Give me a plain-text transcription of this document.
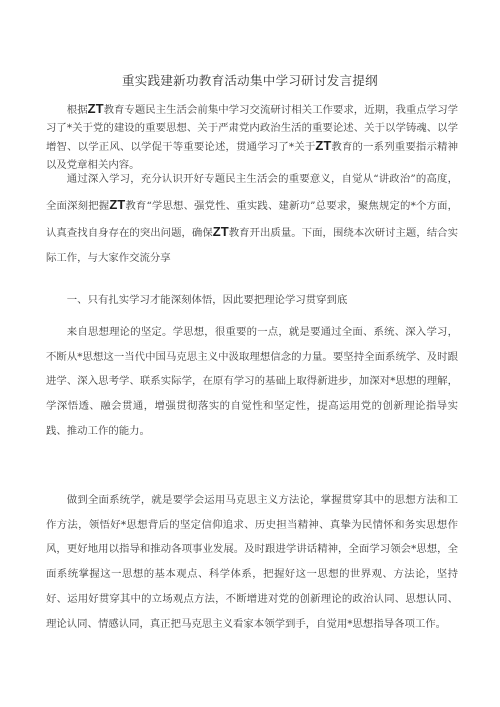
重实践建新功教育活动集中学习研讨发言提纲

根据ZT教育专题民主生活会前集中学习交流研讨相关工作要求，近期，我重点学习学习了*关于党的建设的重要思想、关于严肃党内政治生活的重要论述、关于以学铸魂、以学增智、以学正风、以学促干等重要论述，贯通学习了*关于ZT教育的一系列重要指示精神以及党章相关内容。

通过深入学习，充分认识开好专题民主生活会的重要意义，自觉从“讲政治”的高度，全面深刻把握ZT教育“学思想、强党性、重实践、建新功”总要求，聚焦规定的*个方面，认真查找自身存在的突出问题，确保ZT教育开出质量。下面，围绕本次研讨主题，结合实际工作，与大家作交流分享

一、只有扎实学习才能深刻体悟，因此要把理论学习贯穿到底

来自思想理论的坚定。学思想，很重要的一点，就是要通过全面、系统、深入学习，不断从*思想这一当代中国马克思主义中汲取理想信念的力量。要坚持全面系统学、及时跟进学、深入思考学、联系实际学，在原有学习的基础上取得新进步，加深对*思想的理解，学深悟透、融会贯通，增强贯彻落实的自觉性和坚定性，提高运用党的创新理论指导实践、推动工作的能力。

做到全面系统学，就是要学会运用马克思主义方法论，掌握贯穿其中的思想方法和工作方法，领悟好*思想背后的坚定信仰追求、历史担当精神、真挚为民情怀和务实思想作风，更好地用以指导和推动各项事业发展。及时跟进学讲话精神，全面学习领会*思想，全面系统掌握这一思想的基本观点、科学体系，把握好这一思想的世界观、方法论，坚持好、运用好贯穿其中的立场观点方法，不断增进对党的创新理论的政治认同、思想认同、理论认同、情感认同，真正把马克思主义看家本领学到手，自觉用*思想指导各项工作。
